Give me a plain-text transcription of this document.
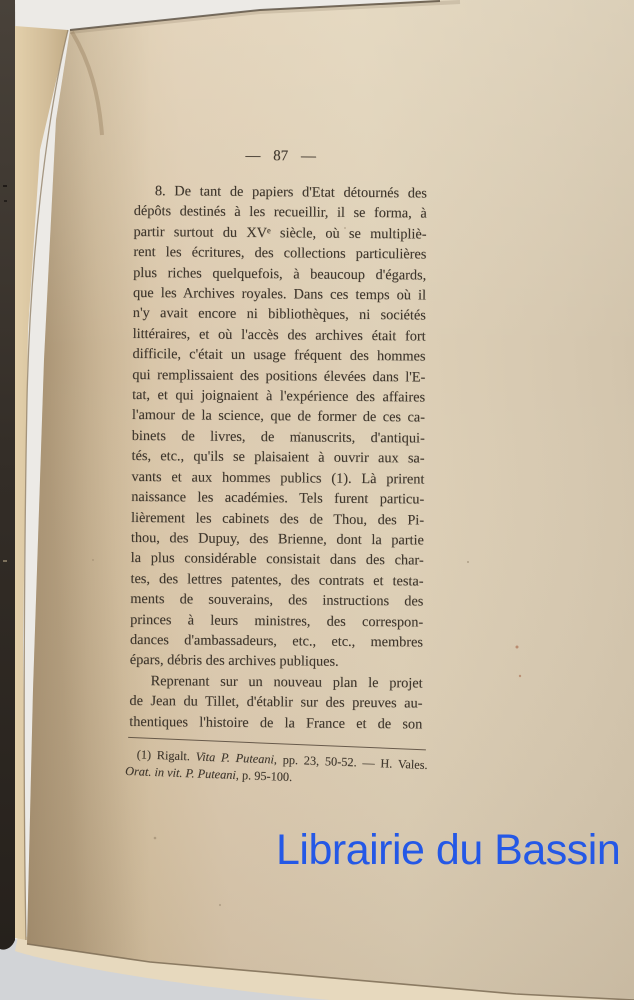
— 87 —
8. De tant de papiers d'Etat détournés des
dépôts destinés à les recueillir, il se forma, à
partir surtout du XVᵉ siècle, où se multipliè-
rent les écritures, des collections particulières
plus riches quelquefois, à beaucoup d'égards,
que les Archives royales. Dans ces temps où il
n'y avait encore ni bibliothèques, ni sociétés
littéraires, et où l'accès des archives était fort
difficile, c'était un usage fréquent des hommes
qui remplissaient des positions élevées dans l'E-
tat, et qui joignaient à l'expérience des affaires
l'amour de la science, que de former de ces ca-
binets de livres, de manuscrits, d'antiqui-
tés, etc., qu'ils se plaisaient à ouvrir aux sa-
vants et aux hommes publics (1). Là prirent
naissance les académies. Tels furent particu-
lièrement les cabinets des de Thou, des Pi-
thou, des Dupuy, des Brienne, dont la partie
la plus considérable consistait dans des char-
tes, des lettres patentes, des contrats et testa-
ments de souverains, des instructions des
princes à leurs ministres, des correspon-
dances d'ambassadeurs, etc., etc., membres
épars, débris des archives publiques.
Reprenant sur un nouveau plan le projet
de Jean du Tillet, d'établir sur des preuves au-
thentiques l'histoire de la France et de son
(1) Rigalt. Vita P. Puteani, pp. 23, 50-52. — H. Vales.
Orat. in vit. P. Puteani, p. 95-100.
Librairie du Bassin
